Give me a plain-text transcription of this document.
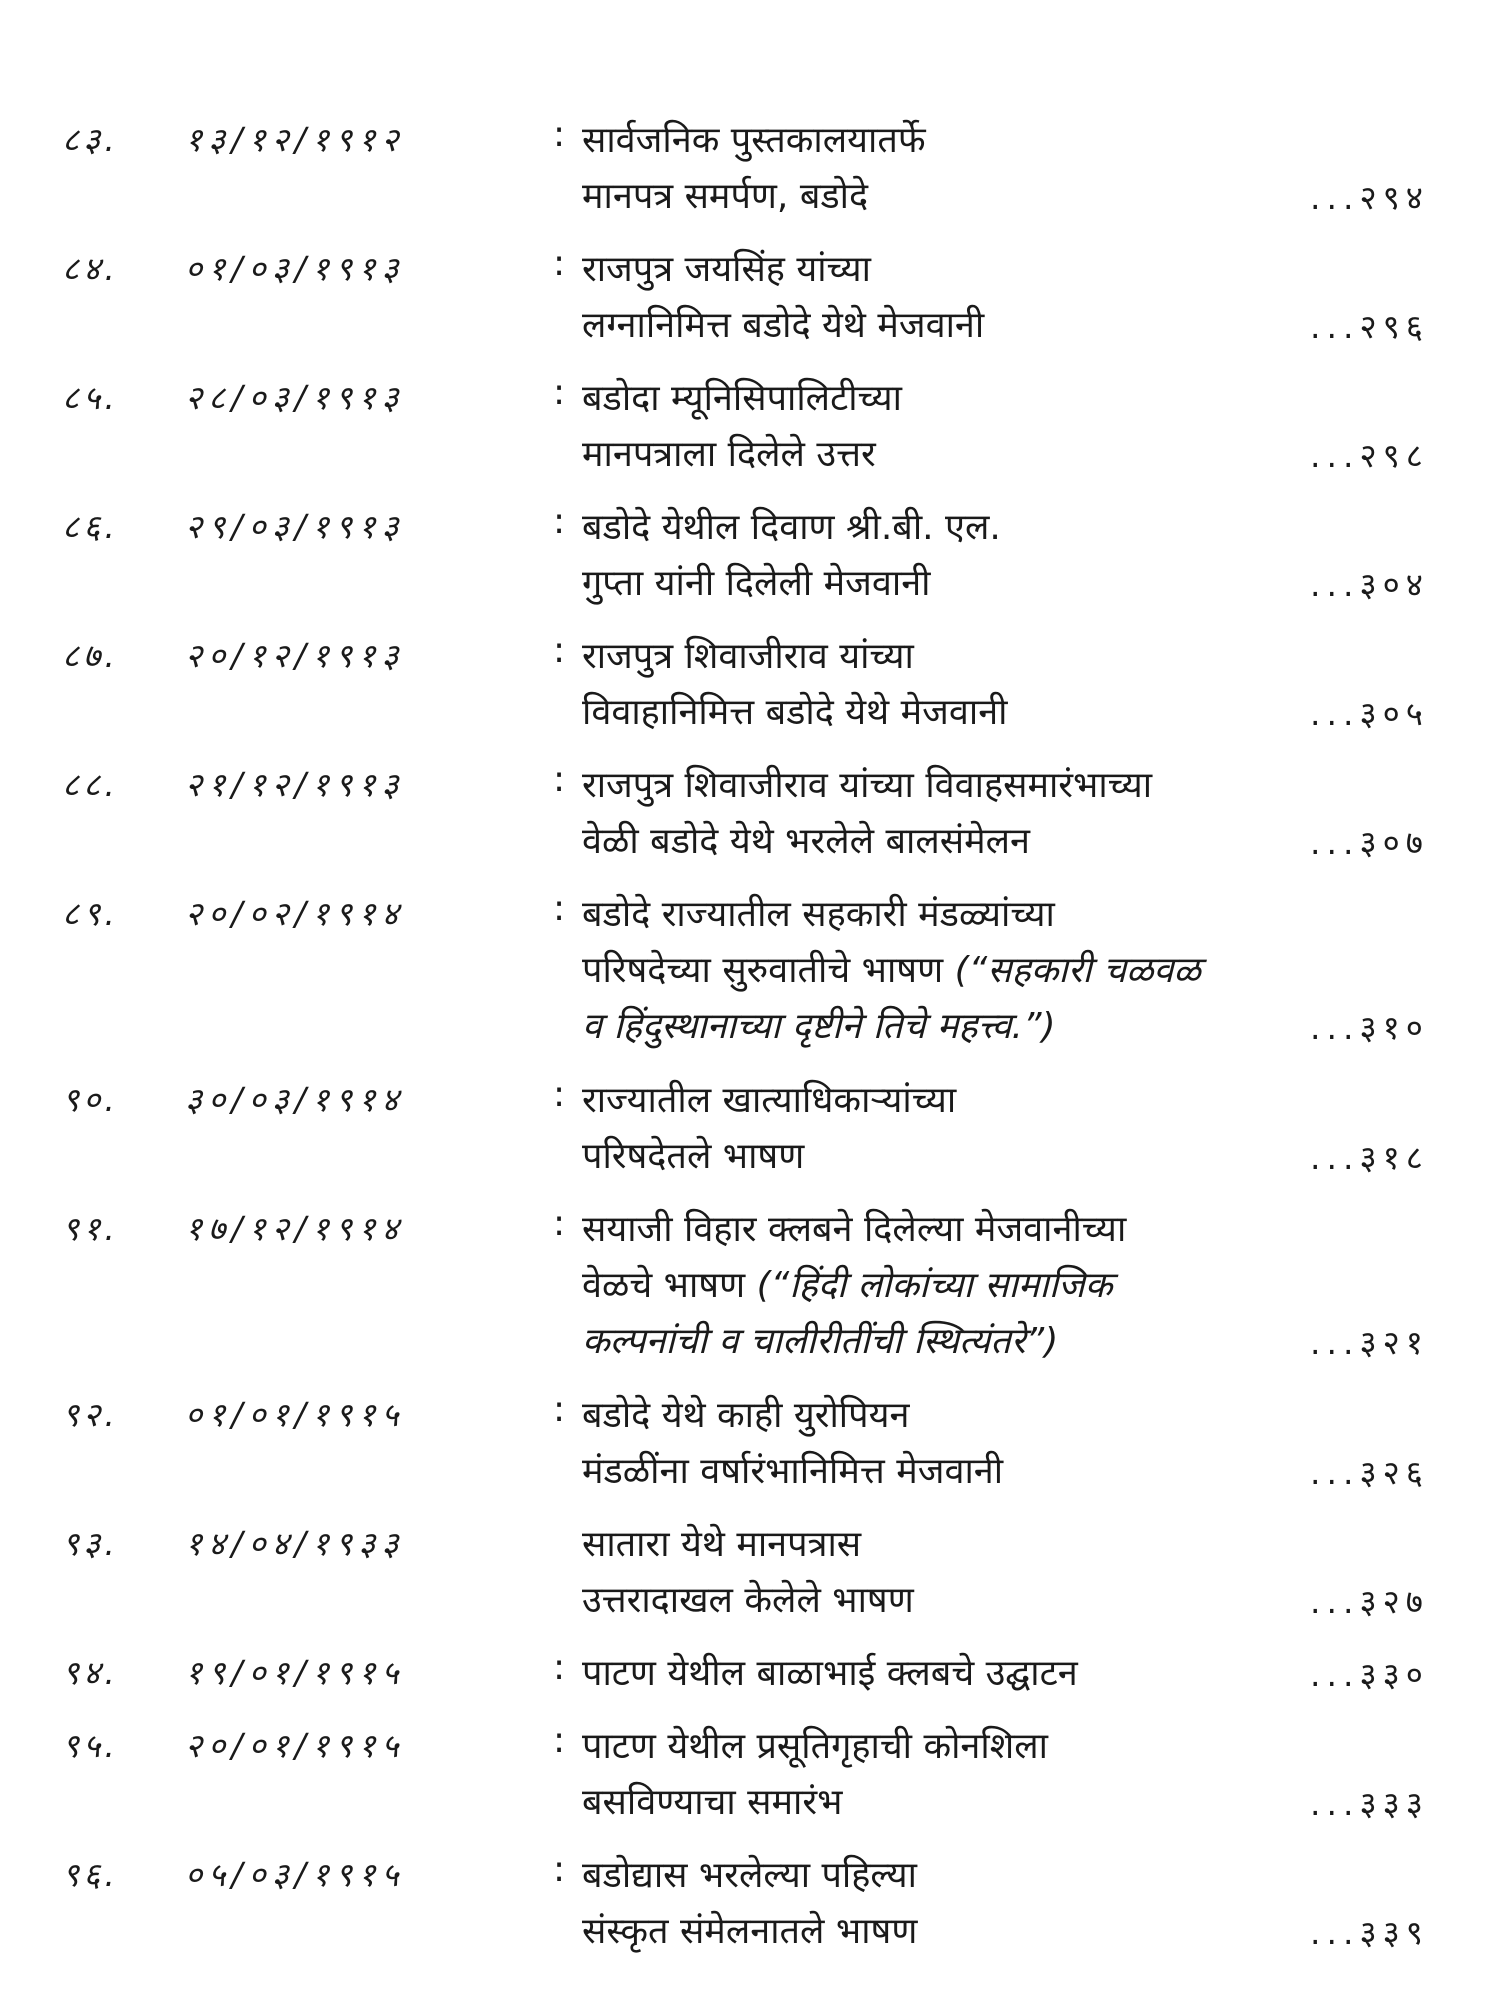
८३. १३/१२/१९१२	: सार्वजनिक पुस्तकालयातर्फे
मानपत्र समर्पण, बडोदे	...२९४
८४. ०१/०३/१९१३	: राजपुत्र जयसिंह यांच्या
लग्नानिमित्त बडोदे येथे मेजवानी	...२९६
८५. २८/०३/१९१३	: बडोदा म्यूनिसिपालिटीच्या
मानपत्राला दिलेले उत्तर	...२९८
८६. २९/०३/१९१३	: बडोदे येथील दिवाण श्री.बी. एल.
गुप्ता यांनी दिलेली मेजवानी	...३०४
८७. २०/१२/१९१३	: राजपुत्र शिवाजीराव यांच्या
विवाहानिमित्त बडोदे येथे मेजवानी	...३०५
८८. २१/१२/१९१३	: राजपुत्र शिवाजीराव यांच्या विवाहसमारंभाच्या
वेळी बडोदे येथे भरलेले बालसंमेलन	...३०७
८९. २०/०२/१९१४	: बडोदे राज्यातील सहकारी मंडळ्यांच्या
परिषदेच्या सुरुवातीचे भाषण (“सहकारी चळवळ
व हिंदुस्थानाच्या दृष्टीने तिचे महत्त्व.”)	...३१०
९०. ३०/०३/१९१४	: राज्यातील खात्याधिकाऱ्यांच्या
परिषदेतले भाषण	...३१८
९१. १७/१२/१९१४	: सयाजी विहार क्लबने दिलेल्या मेजवानीच्या
वेळचे भाषण (“हिंदी लोकांच्या सामाजिक
कल्पनांची व चालीरीतींची स्थित्यंतरे”)	...३२१
९२. ०१/०१/१९१५	: बडोदे येथे काही युरोपियन
मंडळींना वर्षारंभानिमित्त मेजवानी	...३२६
९३. १४/०४/१९३३	सातारा येथे मानपत्रास
उत्तरादाखल केलेले भाषण	...३२७
९४. १९/०१/१९१५	: पाटण येथील बाळाभाई क्लबचे उद्घाटन	...३३०
९५. २०/०१/१९१५	: पाटण येथील प्रसूतिगृहाची कोनशिला
बसविण्याचा समारंभ	...३३३
९६. ०५/०३/१९१५	: बडोद्यास भरलेल्या पहिल्या
संस्कृत संमेलनातले भाषण	...३३९
